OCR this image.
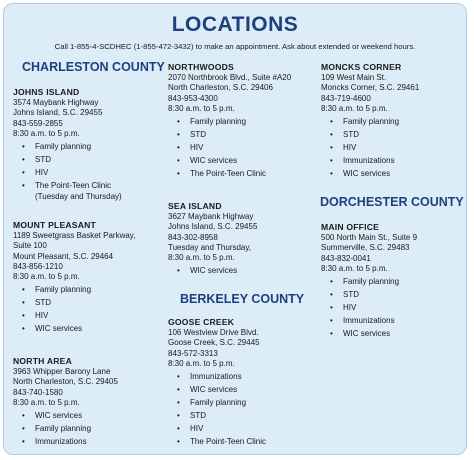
LOCATIONS
Call 1-855-4-SCDHEC (1-855-472-3432) to make an appointment. Ask about extended or weekend hours.
CHARLESTON COUNTY
BERKELEY COUNTY
DORCHESTER COUNTY
JOHNS ISLAND
3574 Maybank Highway
Johns Island, S.C. 29455
843-559-2855
8:30 a.m. to 5 p.m.
• Family planning
• STD
• HIV
• The Point-Teen Clinic
(Tuesday and Thursday)
MOUNT PLEASANT
1189 Sweetgrass Basket Parkway,
Suite 100
Mount Pleasant, S.C. 29464
843-856-1210
8:30 a.m. to 5 p.m.
• Family planning
• STD
• HIV
• WIC services
NORTH AREA
3963 Whipper Barony Lane
North Charleston, S.C. 29405
843-740-1580
8:30 a.m. to 5 p.m.
• WIC services
• Family planning
• Immunizations
NORTHWOODS
2070 Northbrook Blvd., Suite #A20
North Charleston, S.C. 29406
843-953-4300
8:30 a.m. to 5 p.m.
• Family planning
• STD
• HIV
• WIC services
• The Point-Teen Clinic
SEA ISLAND
3627 Maybank Highway
Johns Island, S.C. 29455
843-302-8958
Tuesday and Thursday,
8:30 a.m. to 5 p.m.
• WIC services
GOOSE CREEK
106 Westview Drive Blvd.
Goose Creek, S.C. 29445
843-572-3313
8:30 a.m. to 5 p.m.
• Immunizations
• WIC services
• Family planning
• STD
• HIV
• The Point-Teen Clinic
MONCKS CORNER
109 West Main St.
Moncks Corner, S.C. 29461
843-719-4600
8:30 a.m. to 5 p.m.
• Family planning
• STD
• HIV
• Immunizations
• WIC services
MAIN OFFICE
500 North Main St., Suite 9
Summerville, S.C. 29483
843-832-0041
8:30 a.m. to 5 p.m.
• Family planning
• STD
• HIV
• Immunizations
• WIC services
